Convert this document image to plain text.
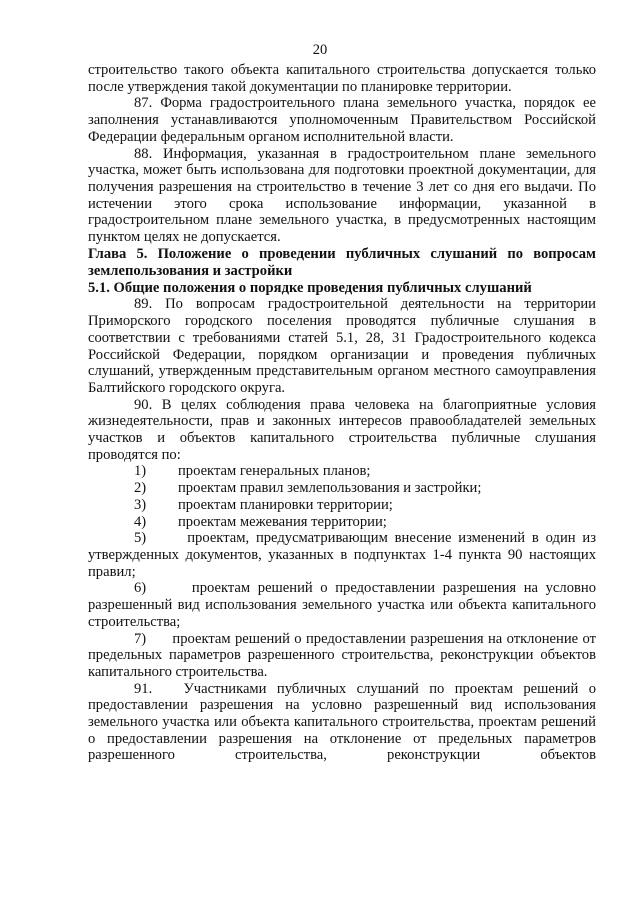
20

строительство такого объекта капитального строительства допускается только после утверждения такой документации по планировке территории.

87. Форма градостроительного плана земельного участка, порядок ее заполнения устанавливаются уполномоченным Правительством Российской Федерации федеральным органом исполнительной власти.

88. Информация, указанная в градостроительном плане земельного участка, может быть использована для подготовки проектной документации, для получения разрешения на строительство в течение 3 лет со дня его выдачи. По истечении этого срока использование информации, указанной в градостроительном плане земельного участка, в предусмотренных настоящим пунктом целях не допускается.

Глава 5. Положение о проведении публичных слушаний по вопросам землепользования и застройки

5.1. Общие положения о порядке проведения публичных слушаний

89. По вопросам градостроительной деятельности на территории Приморского городского поселения проводятся публичные слушания в соответствии с требованиями статей 5.1, 28, 31 Градостроительного кодекса Российской Федерации, порядком организации и проведения публичных слушаний, утвержденным представительным органом местного самоуправления Балтийского городского округа.

90. В целях соблюдения права человека на благоприятные условия жизнедеятельности, прав и законных интересов правообладателей земельных участков и объектов капитального строительства публичные слушания проводятся по:

1)	проектам генеральных планов;
2)	проектам правил землепользования и застройки;
3)	проектам планировки территории;
4)	проектам межевания территории;

5)      проектам, предусматривающим внесение изменений в один из утвержденных документов, указанных в подпунктах 1-4 пункта 90 настоящих правил;

6)      проектам решений о предоставлении разрешения на условно разрешенный вид использования земельного участка или объекта капитального строительства;

7)      проектам решений о предоставлении разрешения на отклонение от предельных параметров разрешенного строительства, реконструкции объектов капитального строительства.

91.   Участниками публичных слушаний по проектам решений о предоставлении разрешения на условно разрешенный вид использования земельного участка или объекта капитального строительства, проектам решений о предоставлении разрешения на отклонение от предельных параметров разрешенного строительства, реконструкции объектов
